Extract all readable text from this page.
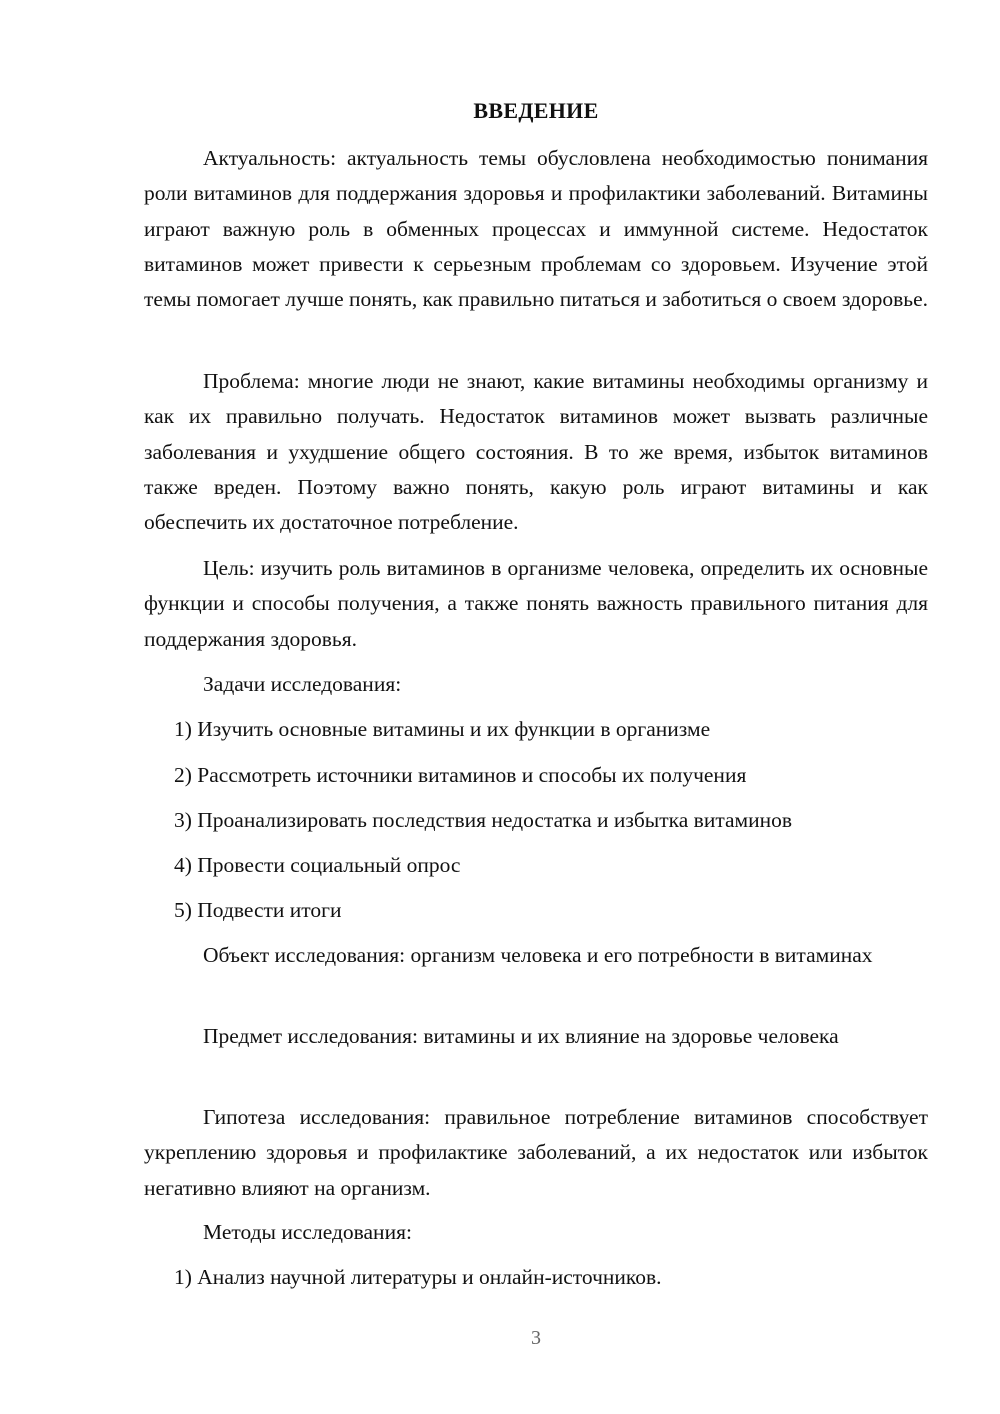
ВВЕДЕНИЕ

Актуальность: актуальность темы обусловлена необходимостью понимания роли витаминов для поддержания здоровья и профилактики заболеваний. Витамины играют важную роль в обменных процессах и иммунной системе. Недостаток витаминов может привести к серьезным проблемам со здоровьем. Изучение этой темы помогает лучше понять, как правильно питаться и заботиться о своем здоровье.

Проблема: многие люди не знают, какие витамины необходимы организму и как их правильно получать. Недостаток витаминов может вызвать различные заболевания и ухудшение общего состояния. В то же время, избыток витаминов также вреден. Поэтому важно понять, какую роль играют витамины и как обеспечить их достаточное потребление.

Цель: изучить роль витаминов в организме человека, определить их основные функции и способы получения, а также понять важность правильного питания для поддержания здоровья.

Задачи исследования:

1) Изучить основные витамины и их функции в организме

2) Рассмотреть источники витаминов и способы их получения

3) Проанализировать последствия недостатка и избытка витаминов

4) Провести социальный опрос

5) Подвести итоги

Объект исследования: организм человека и его потребности в витаминах

Предмет исследования: витамины и их влияние на здоровье человека

Гипотеза исследования: правильное потребление витаминов способствует укреплению здоровья и профилактике заболеваний, а их недостаток или избыток негативно влияют на организм.

Методы исследования:

1) Анализ научной литературы и онлайн-источников.

3
